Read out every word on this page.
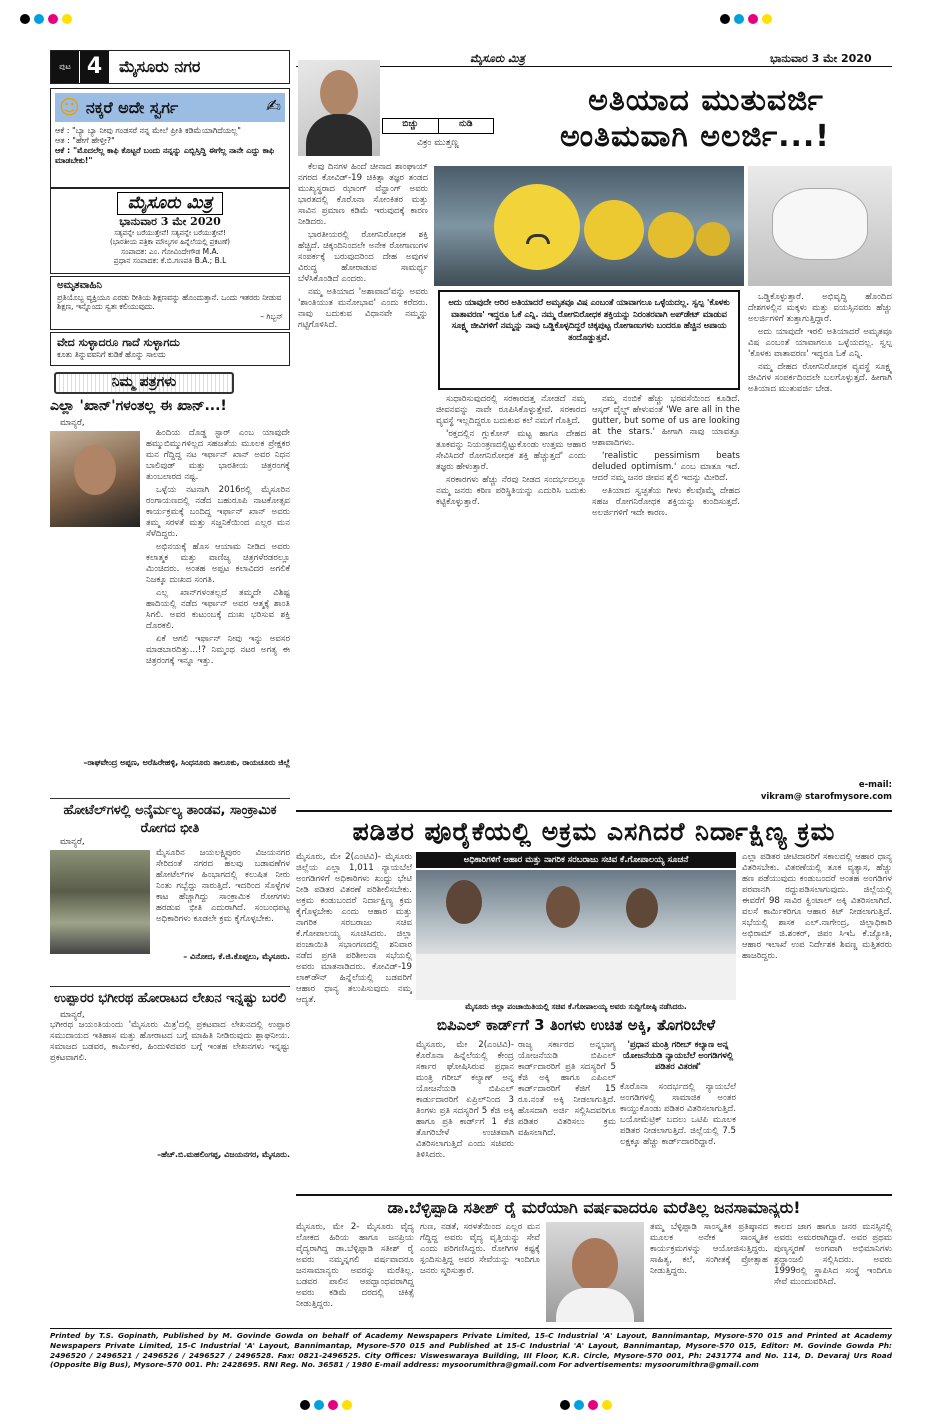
ಪುಟ 4	ಮೈಸೂರು ನಗರ	ಮೈಸೂರು ಮಿತ್ರ	ಭಾನುವಾರ 3 ಮೇ 2020
☺ ನಕ್ಕರೆ ಅದೇ ಸ್ವರ್ಗ	✍
ಆಕೆ : "ಬ್ಯಾ ಬ್ಯಾ ನೀವು ಗಂಡಸರೆ ನನ್ನ ಮೇಲೆ ಪ್ರೀತಿ ಕಡಿಮೆಯಾಗಿದೆಯಲ್ಲ"
ಆತ : "ಹೇಗೆ ಹೇಳ್ತೀ?"
ಆಕೆ : "ಮೊದಲೆಲ್ಲ ಕಾಫಿ ಕೊಟ್ಟರೆ ಬಂದು ನನ್ನನ್ನು ಎಬ್ಬಿಸ್ತಿದ್ದಿ ಈಗೆಲ್ಲ ನಾನೇ ಎದ್ದು ಕಾಫಿ ಮಾಡಬೇಕು!"
ಮೈಸೂರು ಮಿತ್ರ
ಭಾನುವಾರ 3 ಮೇ 2020
ಸತ್ಯವನ್ನೇ ಬರೆಯುತ್ತೇವೆ! ಸತ್ಯವನ್ನೇ ಬರೆಯುತ್ತೇವೆ!
(ಭಾರತೀಯ ಪತ್ರಿಕಾ ಮೌಲ್ಯಗಳ ಹಿನ್ನೆಲೆಯಲ್ಲಿ ಪ್ರಕಟಣೆ)
ಸಂಪಾದಕ: ಎಂ. ಗೋವಿಂದೇಗೌಡ M.A.
ಪ್ರಧಾನ ಸಂಪಾದಕ: ಕೆ.ಬಿ.ಗಣಪತಿ B.A.; B.L
ಅಮೃತವಾಹಿನಿ
ಪ್ರತಿಯೊಬ್ಬ ವ್ಯಕ್ತಿಯೂ ಎರಡು ರೀತಿಯ ಶಿಕ್ಷಣವನ್ನು ಹೊಂದುತ್ತಾನೆ. ಒಂದು ಇತರರು ನೀಡುವ ಶಿಕ್ಷಣ, ಇನ್ನೊಂದು ಸ್ವತಃ ಕಲಿಯುವುದು.
– ಗಿಬ್ಬನ್
ವೇದ ಸುಳ್ಳಾದರೂ ಗಾದೆ ಸುಳ್ಳಾಗದು
ಕೂತು ತಿನ್ನುವವನಿಗೆ ಕುಡಿಕೆ ಹೊನ್ನು ಸಾಲದು
ನಿಮ್ಮ ಪತ್ರಗಳು
ಎಲ್ಲಾ 'ಖಾನ್'ಗಳಂತಲ್ಲ ಈ ಖಾನ್...!
ಮಾನ್ಯರೆ,

ಹಿಂದಿಯ ದೊಡ್ಡ ಸ್ಟಾರ್ ಎಂಬ ಯಾವುದೇ ಹಮ್ಮುಬಿಮ್ಮುಗಳಿಲ್ಲದ ಸಹಜತೆಯ ಮೂಲಕ ಪ್ರೇಕ್ಷಕರ ಮನ ಗೆದ್ದಿದ್ದ ನಟ ಇರ್ಫಾನ್ ಖಾನ್ ಅವರ ನಿಧನ ಬಾಲಿವುಡ್ ಮತ್ತು ಭಾರತೀಯ ಚಿತ್ರರಂಗಕ್ಕೆ ತುಂಬಲಾರದ ನಷ್ಟ.

ಒಳ್ಳೆಯ ನಟನಾಗಿ 2016ರಲ್ಲಿ ಮೈಸೂರಿನ ರಂಗಾಯಣದಲ್ಲಿ ನಡೆದ ಬಹುರೂಪಿ ನಾಟಕೋತ್ಸವ ಕಾರ್ಯಕ್ರಮಕ್ಕೆ ಬಂದಿದ್ದ ಇರ್ಫಾನ್ ಖಾನ್ ಅವರು ತಮ್ಮ ಸರಳತೆ ಮತ್ತು ಸಜ್ಜನಿಕೆಯಿಂದ ಎಲ್ಲರ ಮನ ಸೆಳೆದಿದ್ದರು.

ಅಭಿನಯಕ್ಕೆ ಹೊಸ ಆಯಾಮ ನೀಡಿದ ಅವರು ಕಲಾತ್ಮಕ ಮತ್ತು ವಾಣಿಜ್ಯ ಚಿತ್ರಗಳೆರಡರಲ್ಲೂ ಮಿಂಚಿದರು. ಅಂತಹ ಅಪ್ಪಟ ಕಲಾವಿದರ ಅಗಲಿಕೆ ನಿಜಕ್ಕೂ ದುಃಖದ ಸಂಗತಿ.

ಎಲ್ಲ ಖಾನ್‌ಗಳಂತಲ್ಲದೆ ತಮ್ಮದೇ ವಿಶಿಷ್ಟ ಹಾದಿಯಲ್ಲಿ ನಡೆದ ಇರ್ಫಾನ್ ಅವರ ಆತ್ಮಕ್ಕೆ ಶಾಂತಿ ಸಿಗಲಿ. ಅವರ ಕುಟುಂಬಕ್ಕೆ ದುಃಖ ಭರಿಸುವ ಶಕ್ತಿ ದೊರಕಲಿ.

ಏಕೆ ಆಗಲಿ ಇರ್ಫಾನ್ ನೀವು ಇನ್ನು ಅವಸರ ಮಾಡಬಾರದಿತ್ತು...!? ನಿಮ್ಮಂಥ ನಟರ ಅಗತ್ಯ ಈ ಚಿತ್ರರಂಗಕ್ಕೆ ಇನ್ನೂ ಇತ್ತು.

–ರಾಘವೇಂದ್ರ ಅಪ್ಪಣ, ಅರೆಹಿರೇಹಳ್ಳಿ, ಸಿಂಧನೂರು ತಾಲೂಕು, ರಾಯಚೂರು ಜಿಲ್ಲೆ
ಹೋಟೆಲ್‌ಗಳಲ್ಲಿ ಅನೈರ್ಮಲ್ಯ ತಾಂಡವ, ಸಾಂಕ್ರಾಮಿಕ ರೋಗದ ಭೀತಿ
ಮಾನ್ಯರೆ,
ಮೈಸೂರಿನ ಜಯಲಕ್ಷ್ಮಿಪುರಂ ವಿಜಯನಗರ ಸೇರಿದಂತೆ ನಗರದ ಹಲವು ಬಡಾವಣೆಗಳ ಹೋಟೆಲ್‌ಗಳ ಹಿಂಭಾಗದಲ್ಲಿ ಕಲುಷಿತ ನೀರು ನಿಂತು ಗಬ್ಬೆದ್ದು ನಾರುತ್ತಿದೆ. ಇದರಿಂದ ಸೊಳ್ಳೆಗಳ ಕಾಟ ಹೆಚ್ಚಾಗಿದ್ದು ಸಾಂಕ್ರಾಮಿಕ ರೋಗಗಳು ಹರಡುವ ಭೀತಿ ಎದುರಾಗಿದೆ. ಸಂಬಂಧಪಟ್ಟ ಅಧಿಕಾರಿಗಳು ಕೂಡಲೇ ಕ್ರಮ ಕೈಗೊಳ್ಳಬೇಕು.
– ವಿನೋದ, ಕೆ.ಜಿ.ಕೊಪ್ಪಲು, ಮೈಸೂರು.
ಉಪ್ಪಾರರ ಭಗೀರಥ ಹೋರಾಟದ ಲೇಖನ ಇನ್ನಷ್ಟು ಬರಲಿ
ಮಾನ್ಯರೆ,
ಭಗೀರಥ ಜಯಂತಿಯಂದು 'ಮೈಸೂರು ಮಿತ್ರ'ದಲ್ಲಿ ಪ್ರಕಟವಾದ ಲೇಖನದಲ್ಲಿ ಉಪ್ಪಾರ ಸಮುದಾಯದ ಇತಿಹಾಸ ಮತ್ತು ಹೋರಾಟದ ಬಗ್ಗೆ ಮಾಹಿತಿ ನೀಡಿರುವುದು ಶ್ಲಾಘನೀಯ. ಸಮಾಜದ ಬಡವರ, ಕಾರ್ಮಿಕರ, ಹಿಂದುಳಿದವರ ಬಗ್ಗೆ ಇಂತಹ ಲೇಖನಗಳು ಇನ್ನಷ್ಟು ಪ್ರಕಟವಾಗಲಿ.
–ಹೆಚ್.ಬಿ.ಮಹಲಿಂಗಪ್ಪ, ವಿಜಯನಗರ, ಮೈಸೂರು.
ಬಿಚ್ಚು	ನುಡಿ
ವಿಕ್ರಂ ಮುತ್ತಣ್ಣ
ಅತಿಯಾದ ಮುತುವರ್ಜಿ
ಅಂತಿಮವಾಗಿ ಅಲರ್ಜಿ...!

ಕೆಲವು ದಿನಗಳ ಹಿಂದೆ ಚೀನಾದ ಶಾಂಘಾಯ್ ನಗರದ ಕೋವಿಡ್-19 ಚಿಕಿತ್ಸಾ ತಜ್ಞರ ತಂಡದ ಮುಖ್ಯಸ್ಥರಾದ ಝಾಂಗ್ ವೆನ್ಹಾಂಗ್ ಅವರು ಭಾರತದಲ್ಲಿ ಕೊರೊನಾ ಸೋಂಕಿತರ ಮತ್ತು ಸಾವಿನ ಪ್ರಮಾಣ ಕಡಿಮೆ ಇರುವುದಕ್ಕೆ ಕಾರಣ ನೀಡಿದರು.

ಭಾರತೀಯರಲ್ಲಿ ರೋಗನಿರೋಧಕ ಶಕ್ತಿ ಹೆಚ್ಚಿದೆ. ಚಿಕ್ಕಂದಿನಿಂದಲೇ ಅನೇಕ ರೋಗಾಣುಗಳ ಸಂಪರ್ಕಕ್ಕೆ ಬರುವುದರಿಂದ ದೇಹ ಅವುಗಳ ವಿರುದ್ಧ ಹೋರಾಡುವ ಸಾಮರ್ಥ್ಯ ಬೆಳೆಸಿಕೊಂಡಿದೆ ಎಂದರು.

ನಮ್ಮ ಅತಿಯಾದ 'ಅಶಾವಾದ'ವನ್ನು ಅವರು 'ಶಾಂತಿಯುತ ಮನೋಭಾವ' ಎಂದು ಕರೆದರು. ನಾವು ಬದುಕುವ ವಿಧಾನವೇ ನಮ್ಮನ್ನು ಗಟ್ಟಿಗೊಳಿಸಿದೆ.

ಅದು ಯಾವುದೇ ಆರಿರ ಅತಿಯಾದರೆ ಅಮೃತವೂ ವಿಷ ಎಂಬಂತೆ ಯಾವಾಗಲೂ ಒಳ್ಳೆಯದಲ್ಲ. ಸ್ವಲ್ಪ 'ಕೊಳಕು ವಾತಾವರಣ' ಇದ್ದರೂ ಓಕೆ ಎನ್ನಿ. ನಮ್ಮ ರೋಗನಿರೋಧಕ ಶಕ್ತಿಯನ್ನು ನಿರಂತರವಾಗಿ ಅಪ್‌ಡೇಟ್ ಮಾಡುವ ಸೂಕ್ಷ್ಮ ಜೀವಿಗಳಿಗೆ ನಮ್ಮನ್ನು ನಾವು ಒಡ್ಡಿಕೊಳ್ಳದಿದ್ದರೆ ಚಿಕ್ಕಪುಟ್ಟ ರೋಗಾಣುಗಳು ಬಂದರೂ ಹೆಚ್ಚಿನ ಅಪಾಯ ತಂದೊಡ್ಡುತ್ತವೆ.

ಸುಧಾರಿಸುವುದರಲ್ಲಿ ಸರಕಾರದತ್ತ ನೋಡದೆ ನಮ್ಮ ಜೀವನವನ್ನು ನಾವೇ ರೂಪಿಸಿಕೊಳ್ಳುತ್ತೇವೆ. ಸರಕಾರದ ವ್ಯವಸ್ಥೆ ಇಲ್ಲದಿದ್ದರೂ ಬದುಕುವ ಕಲೆ ನಮಗೆ ಗೊತ್ತಿದೆ.

'ರಕ್ತದಲ್ಲಿನ ಗ್ಲುಕೋಸ್ ಮಟ್ಟ ಹಾಗೂ ದೇಹದ ತೂಕವನ್ನು ನಿಯಂತ್ರಣದಲ್ಲಿಟ್ಟುಕೊಂಡು ಉತ್ತಮ ಆಹಾರ ಸೇವಿಸಿದರೆ ರೋಗನಿರೋಧಕ ಶಕ್ತಿ ಹೆಚ್ಚುತ್ತದೆ' ಎಂದು ತಜ್ಞರು ಹೇಳುತ್ತಾರೆ.

ಸರಕಾರಗಳು ಹೆಚ್ಚು ನೆರವು ನೀಡದ ಸಂದರ್ಭದಲ್ಲೂ ನಮ್ಮ ಜನರು ಕಠಿಣ ಪರಿಸ್ಥಿತಿಯನ್ನು ಎದುರಿಸಿ ಬದುಕು ಕಟ್ಟಿಕೊಳ್ಳುತ್ತಾರೆ.

ನಮ್ಮ ನಂಬಿಕೆ ಹೆಚ್ಚು ಭರವಸೆಯಿಂದ ಕೂಡಿದೆ. ಆಸ್ಕರ್ ವೈಲ್ಡ್ ಹೇಳುವಂತೆ 'We are all in the gutter, but some of us are looking at the stars.' ಹೀಗಾಗಿ ನಾವು ಯಾವತ್ತೂ ಆಶಾವಾದಿಗಳು.

'realistic pessimism beats deluded optimism.' ಎಂಬ ಮಾತೂ ಇದೆ. ಆದರೆ ನಮ್ಮ ಜನರ ಜೀವನ ಶೈಲಿ ಇದನ್ನು ಮೀರಿದೆ.

ಅತಿಯಾದ ಸ್ವಚ್ಛತೆಯ ಗೀಳು ಕೆಲವೊಮ್ಮೆ ದೇಹದ ಸಹಜ ರೋಗನಿರೋಧಕ ಶಕ್ತಿಯನ್ನು ಕುಂದಿಸುತ್ತದೆ. ಅಲರ್ಜಿಗಳಿಗೆ ಇದೇ ಕಾರಣ.

ಒಡ್ಡಿಕೊಳ್ಳುತ್ತಾರೆ. ಅಭಿವೃದ್ಧಿ ಹೊಂದಿದ ದೇಶಗಳಲ್ಲಿನ ಮಕ್ಕಳು ಮತ್ತು ವಯಸ್ಸಿನವರು ಹೆಚ್ಚು ಅಲರ್ಜಿಗಳಿಗೆ ತುತ್ತಾಗುತ್ತಿದ್ದಾರೆ.

ಅದು ಯಾವುದೇ ಇರಲಿ ಅತಿಯಾದರೆ ಅಮೃತವೂ ವಿಷ ಎಂಬಂತೆ ಯಾವಾಗಲೂ ಒಳ್ಳೆಯದಲ್ಲ. ಸ್ವಲ್ಪ 'ಕೊಳಕು ವಾತಾವರಣ' ಇದ್ದರೂ ಓಕೆ ಎನ್ನಿ.

ನಮ್ಮ ದೇಹದ ರೋಗನಿರೋಧಕ ವ್ಯವಸ್ಥೆ ಸೂಕ್ಷ್ಮ ಜೀವಿಗಳ ಸಂಪರ್ಕದಿಂದಲೇ ಬಲಗೊಳ್ಳುತ್ತದೆ. ಹೀಗಾಗಿ ಅತಿಯಾದ ಮುತುವರ್ಜಿ ಬೇಡ.

e-mail:
vikram@ starofmysore.com
ಪಡಿತರ ಪೂರೈಕೆಯಲ್ಲಿ ಅಕ್ರಮ ಎಸಗಿದರೆ ನಿರ್ದಾಕ್ಷಿಣ್ಯ ಕ್ರಮ
ಮೈಸೂರು, ಮೇ 2(ಎಂಟಿವಿ)- ಮೈಸೂರು ಜಿಲ್ಲೆಯ ಎಲ್ಲಾ 1,011 ನ್ಯಾಯಬೆಲೆ ಅಂಗಡಿಗಳಿಗೆ ಅಧಿಕಾರಿಗಳು ಖುದ್ದು ಭೇಟಿ ನೀಡಿ ಪಡಿತರ ವಿತರಣೆ ಪರಿಶೀಲಿಸಬೇಕು. ಅಕ್ರಮ ಕಂಡುಬಂದರೆ ನಿರ್ದಾಕ್ಷಿಣ್ಯ ಕ್ರಮ ಕೈಗೊಳ್ಳಬೇಕು ಎಂದು ಆಹಾರ ಮತ್ತು ನಾಗರಿಕ ಸರಬರಾಜು ಸಚಿವ ಕೆ.ಗೋಪಾಲಯ್ಯ ಸೂಚಿಸಿದರು. ಜಿಲ್ಲಾ ಪಂಚಾಯಿತಿ ಸಭಾಂಗಣದಲ್ಲಿ ಶನಿವಾರ ನಡೆದ ಪ್ರಗತಿ ಪರಿಶೀಲನಾ ಸಭೆಯಲ್ಲಿ ಅವರು ಮಾತನಾಡಿದರು. ಕೋವಿಡ್-19 ಲಾಕ್‌ಡೌನ್ ಹಿನ್ನೆಲೆಯಲ್ಲಿ ಬಡವರಿಗೆ ಆಹಾರ ಧಾನ್ಯ ತಲುಪಿಸುವುದು ನಮ್ಮ ಆದ್ಯತೆ.
ಅಧಿಕಾರಿಗಳಿಗೆ ಆಹಾರ ಮತ್ತು ನಾಗರಿಕ ಸರಬರಾಜು ಸಚಿವ ಕೆ.ಗೋಪಾಲಯ್ಯ ಸೂಚನೆ
ಮೈಸೂರು ಜಿಲ್ಲಾ ಪಂಚಾಯಿತಿಯಲ್ಲಿ ಸಚಿವ ಕೆ.ಗೋಪಾಲಯ್ಯ ಅವರು ಸುದ್ದಿಗೋಷ್ಠಿ ನಡೆಸಿದರು.
ಎಲ್ಲಾ ಪಡಿತರ ಚೀಟಿದಾರರಿಗೆ ಸಕಾಲದಲ್ಲಿ ಆಹಾರ ಧಾನ್ಯ ವಿತರಿಸಬೇಕು. ವಿತರಣೆಯಲ್ಲಿ ತೂಕ ವ್ಯತ್ಯಾಸ, ಹೆಚ್ಚು ಹಣ ಪಡೆಯುವುದು ಕಂಡುಬಂದರೆ ಅಂತಹ ಅಂಗಡಿಗಳ ಪರವಾನಗಿ ರದ್ದುಪಡಿಸಲಾಗುವುದು. ಜಿಲ್ಲೆಯಲ್ಲಿ ಈವರೆಗೆ 98 ಸಾವಿರ ಕ್ವಿಂಟಾಲ್ ಅಕ್ಕಿ ವಿತರಿಸಲಾಗಿದೆ. ವಲಸೆ ಕಾರ್ಮಿಕರಿಗೂ ಆಹಾರ ಕಿಟ್ ನೀಡಲಾಗುತ್ತಿದೆ. ಸಭೆಯಲ್ಲಿ ಶಾಸಕ ಎಲ್.ನಾಗೇಂದ್ರ, ಜಿಲ್ಲಾಧಿಕಾರಿ ಅಭಿರಾಮ್ ಜಿ.ಶಂಕರ್, ಜಿಪಂ ಸಿಇಓ ಕೆ.ಜ್ಯೋತಿ, ಆಹಾರ ಇಲಾಖೆ ಉಪ ನಿರ್ದೇಶಕ ಶಿವಣ್ಣ ಮತ್ತಿತರರು ಹಾಜರಿದ್ದರು.
ಬಿಪಿಎಲ್ ಕಾರ್ಡ್‌ಗೆ 3 ತಿಂಗಳು ಉಚಿತ ಅಕ್ಕಿ, ತೊಗರಿಬೇಳೆ
ಮೈಸೂರು, ಮೇ 2(ಎಂಟಿವಿ)- ಕೊರೊನಾ ಹಿನ್ನೆಲೆಯಲ್ಲಿ ಕೇಂದ್ರ ಸರ್ಕಾರ ಘೋಷಿಸಿರುವ ಪ್ರಧಾನ ಮಂತ್ರಿ ಗರೀಬ್ ಕಲ್ಯಾಣ್ ಅನ್ನ ಯೋಜನೆಯಡಿ ಬಿಪಿಎಲ್ ಕಾರ್ಡುದಾರರಿಗೆ ಏಪ್ರಿಲ್‌ನಿಂದ 3 ತಿಂಗಳು ಪ್ರತಿ ಸದಸ್ಯರಿಗೆ 5 ಕೆಜಿ ಅಕ್ಕಿ ಹಾಗೂ ಪ್ರತಿ ಕಾರ್ಡ್‌ಗೆ 1 ಕೆಜಿ ತೊಗರಿಬೇಳೆ ಉಚಿತವಾಗಿ ವಿತರಿಸಲಾಗುತ್ತಿದೆ ಎಂದು ಸಚಿವರು ತಿಳಿಸಿದರು.
ರಾಜ್ಯ ಸರ್ಕಾರದ ಅನ್ನಭಾಗ್ಯ ಯೋಜನೆಯಡಿ ಬಿಪಿಎಲ್ ಕಾರ್ಡ್‌ದಾರರಿಗೆ ಪ್ರತಿ ಸದಸ್ಯರಿಗೆ 5 ಕೆಜಿ ಅಕ್ಕಿ ಹಾಗೂ ಎಪಿಎಲ್ ಕಾರ್ಡ್‌ದಾರರಿಗೆ ಕೆಜಿಗೆ 15 ರೂ.ನಂತೆ ಅಕ್ಕಿ ನೀಡಲಾಗುತ್ತಿದೆ. ಹೊಸದಾಗಿ ಅರ್ಜಿ ಸಲ್ಲಿಸಿದವರಿಗೂ ಪಡಿತರ ವಿತರಿಸಲು ಕ್ರಮ ವಹಿಸಲಾಗಿದೆ.
'ಪ್ರಧಾನ ಮಂತ್ರಿ ಗರೀಬ್ ಕಲ್ಯಾಣ ಅನ್ನ ಯೋಜನೆಯಡಿ ನ್ಯಾಯಬೆಲೆ ಅಂಗಡಿಗಳಲ್ಲಿ ಪಡಿತರ ವಿತರಣೆ'
ಕೊರೊನಾ ಸಂದರ್ಭದಲ್ಲಿ ನ್ಯಾಯಬೆಲೆ ಅಂಗಡಿಗಳಲ್ಲಿ ಸಾಮಾಜಿಕ ಅಂತರ ಕಾಯ್ದುಕೊಂಡು ಪಡಿತರ ವಿತರಿಸಲಾಗುತ್ತಿದೆ. ಬಯೋಮೆಟ್ರಿಕ್ ಬದಲು ಒಟಿಪಿ ಮೂಲಕ ಪಡಿತರ ನೀಡಲಾಗುತ್ತಿದೆ. ಜಿಲ್ಲೆಯಲ್ಲಿ 7.5 ಲಕ್ಷಕ್ಕೂ ಹೆಚ್ಚು ಕಾರ್ಡ್‌ದಾರರಿದ್ದಾರೆ.
ಡಾ.ಬೆಳ್ಳಿಪ್ಪಾಡಿ ಸತೀಶ್ ರೈ ಮರೆಯಾಗಿ ವರ್ಷವಾದರೂ ಮರೆತಿಲ್ಲ ಜನಸಾಮಾನ್ಯರು!
ಮೈಸೂರು, ಮೇ 2- ಮೈಸೂರು ವೈದ್ಯ ಲೋಕದ ಹಿರಿಯ ಹಾಗೂ ಜನಪ್ರಿಯ ವೈದ್ಯರಾಗಿದ್ದ ಡಾ.ಬೆಳ್ಳಿಪ್ಪಾಡಿ ಸತೀಶ್ ರೈ ಅವರು ನಮ್ಮನ್ನಗಲಿ ವರ್ಷವಾದರೂ ಜನಸಾಮಾನ್ಯರು ಅವರನ್ನು ಮರೆತಿಲ್ಲ. ಬಡವರ ಪಾಲಿನ ಆಪದ್ಬಾಂಧವರಾಗಿದ್ದ ಅವರು ಕಡಿಮೆ ದರದಲ್ಲಿ ಚಿಕಿತ್ಸೆ ನೀಡುತ್ತಿದ್ದರು.
ಗುಣ, ನಡತೆ, ಸರಳತೆಯಿಂದ ಎಲ್ಲರ ಮನ ಗೆದ್ದಿದ್ದ ಅವರು ವೈದ್ಯ ವೃತ್ತಿಯನ್ನು ಸೇವೆ ಎಂದು ಪರಿಗಣಿಸಿದ್ದರು. ರೋಗಿಗಳ ಕಷ್ಟಕ್ಕೆ ಸ್ಪಂದಿಸುತ್ತಿದ್ದ ಅವರ ಸೇವೆಯನ್ನು ಇಂದಿಗೂ ಜನರು ಸ್ಮರಿಸುತ್ತಾರೆ.
ತಮ್ಮ ಬೆಳ್ಳಿಪ್ಪಾಡಿ ಸಾಂಸ್ಕೃತಿಕ ಪ್ರತಿಷ್ಠಾನದ ಮೂಲಕ ಅನೇಕ ಸಾಂಸ್ಕೃತಿಕ ಕಾರ್ಯಕ್ರಮಗಳನ್ನು ಆಯೋಜಿಸುತ್ತಿದ್ದರು. ಸಾಹಿತ್ಯ, ಕಲೆ, ಸಂಗೀತಕ್ಕೆ ಪ್ರೋತ್ಸಾಹ ನೀಡುತ್ತಿದ್ದರು.
ಕಾಲದ ಜಾಗ ಹಾಗೂ ಜನರ ಮನಸ್ಸಿನಲ್ಲಿ ಅವರು ಅಮರರಾಗಿದ್ದಾರೆ. ಅವರ ಪ್ರಥಮ ಪುಣ್ಯಸ್ಮರಣೆ ಅಂಗವಾಗಿ ಅಭಿಮಾನಿಗಳು ಶ್ರದ್ಧಾಂಜಲಿ ಸಲ್ಲಿಸಿದರು. ಅವರು 1999ರಲ್ಲಿ ಸ್ಥಾಪಿಸಿದ ಸಂಸ್ಥೆ ಇಂದಿಗೂ ಸೇವೆ ಮುಂದುವರಿಸಿದೆ.
Printed by T.S. Gopinath, Published by M. Govinde Gowda on behalf of Academy Newspapers Private Limited, 15-C Industrial 'A' Layout, Bannimantap, Mysore-570 015 and Printed at Academy Newspapers Private Limited, 15-C Industrial 'A' Layout, Bannimantap, Mysore-570 015 and Published at 15-C Industrial 'A' Layout, Bannimantap, Mysore-570 015, Editor: M. Govinde Gowda Ph: 2496520 / 2496521 / 2496526 / 2496527 / 2496528. Fax: 0821-2496525. City Offices: Visweswaraya Building, III Floor, K.R. Circle, Mysore-570 001, Ph: 2431774 and No. 114, D. Devaraj Urs Road (Opposite Big Bus), Mysore-570 001. Ph: 2428695. RNI Reg. No. 36581 / 1980 E-mail address: mysoorumithra@gmail.com For advertisements: mysoorumithra@gmail.com
